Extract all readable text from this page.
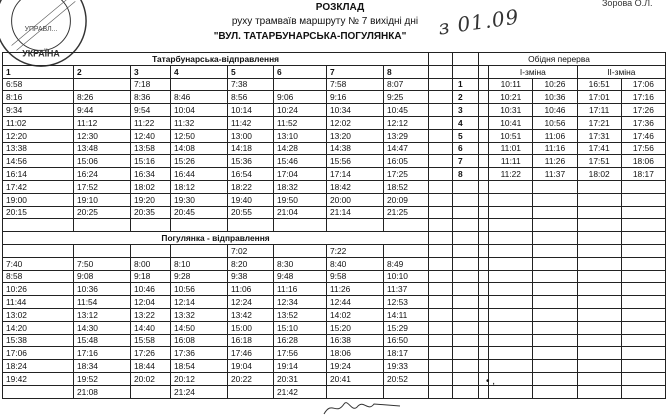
УКРАЇНА
УПРАВЛ...
РОЗКЛАД
руху трамваїв маршруту № 7 вихідні дні
"ВУЛ. ТАТАРБУНАРСЬКА-ПОГУЛЯНКА"	з 01.09
Зорова О.Л.
Татарбунарська-відправлення								
1	2	3	4	5	6	7	8	
6:58		7:18		7:38		7:58	8:07	
8:16	8:26	8:36	8:46	8:56	9:06	9:16	9:25	
9:34	9:44	9:54	10:04	10:14	10:24	10:34	10:45	
11:02	11:12	11:22	11:32	11:42	11:52	12:02	12:12	
12:20	12:30	12:40	12:50	13:00	13:10	13:20	13:29	
13:38	13:48	13:58	14:08	14:18	14:28	14:38	14:47	
14:56	15:06	15:16	15:26	15:36	15:46	15:56	16:05	
16:14	16:24	16:34	16:44	16:54	17:04	17:14	17:25	
17:42	17:52	18:02	18:12	18:22	18:32	18:42	18:52	
19:00	19:10	19:20	19:30	19:40	19:50	20:00	20:09	
20:15	20:25	20:35	20:45	20:55	21:04	21:14	21:25	

Погулянка - відправлення								
				7:02		7:22		
7:40	7:50	8:00	8:10	8:20	8:30	8:40	8:49	
8:58	9:08	9:18	9:28	9:38	9:48	9:58	10:10	
10:26	10:36	10:46	10:56	11:06	11:16	11:26	11:37	
11:44	11:54	12:04	12:14	12:24	12:34	12:44	12:53	
13:02	13:12	13:22	13:32	13:42	13:52	14:02	14:11	
14:20	14:30	14:40	14:50	15:00	15:10	15:20	15:29	
15:38	15:48	15:58	16:08	16:18	16:28	16:38	16:50	
17:06	17:16	17:26	17:36	17:46	17:56	18:06	18:17	
18:24	18:34	18:44	18:54	19:04	19:14	19:24	19:33	
19:42	19:52	20:02	20:12	20:22	20:31	20:41	20:52	
	21:08		21:24		21:42			
Обідня перерва				
	І-зміна		ІІ-зміна	
1	10:11	10:26	16:51	17:06
2	10:21	10:36	17:01	17:16
3	10:31	10:46	17:11	17:26
4	10:41	10:56	17:21	17:36
5	10:51	11:06	17:31	17:46
6	11:01	11:16	17:41	17:56
7	11:11	11:26	17:51	18:06
8	11:22	11:37	18:02	18:17

• ,
